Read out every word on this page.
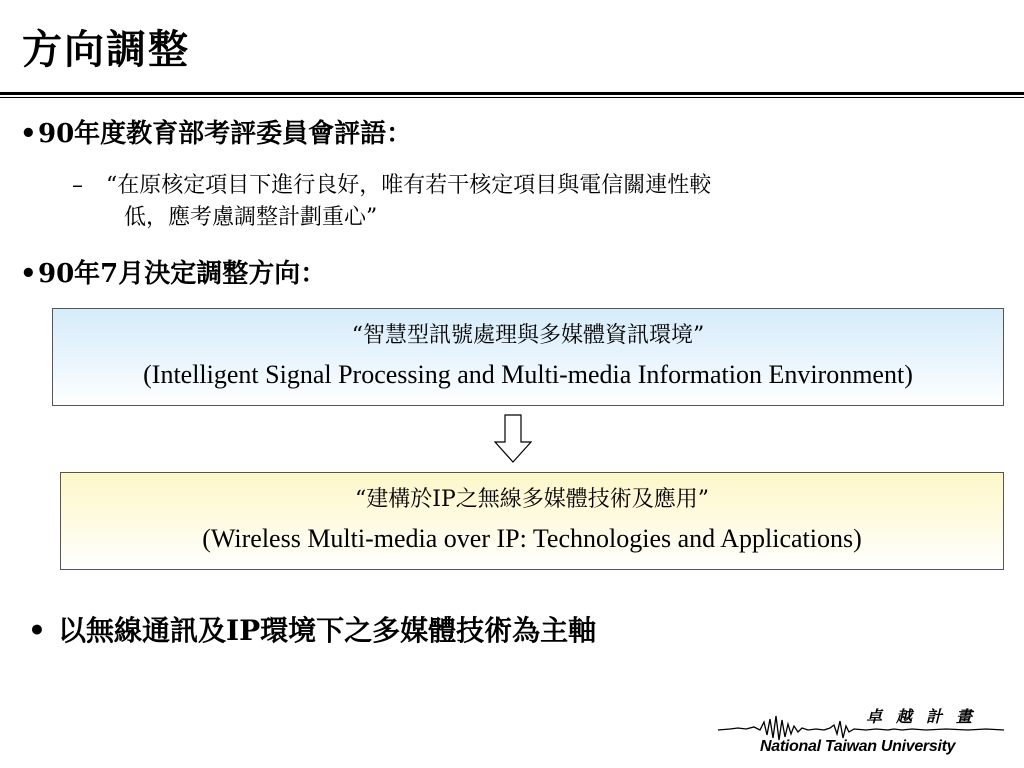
方向調整
•90年度教育部考評委員會評語：
– “在原核定項目下進行良好，唯有若干核定項目與電信關連性較
低，應考慮調整計劃重心”
•90年7月決定調整方向：
“智慧型訊號處理與多媒體資訊環境”
(Intelligent Signal Processing and Multi-media Information Environment)
“建構於IP之無線多媒體技術及應用”
(Wireless Multi-media over IP: Technologies and Applications)
• 以無線通訊及IP環境下之多媒體技術為主軸
卓越計畫
National Taiwan University
